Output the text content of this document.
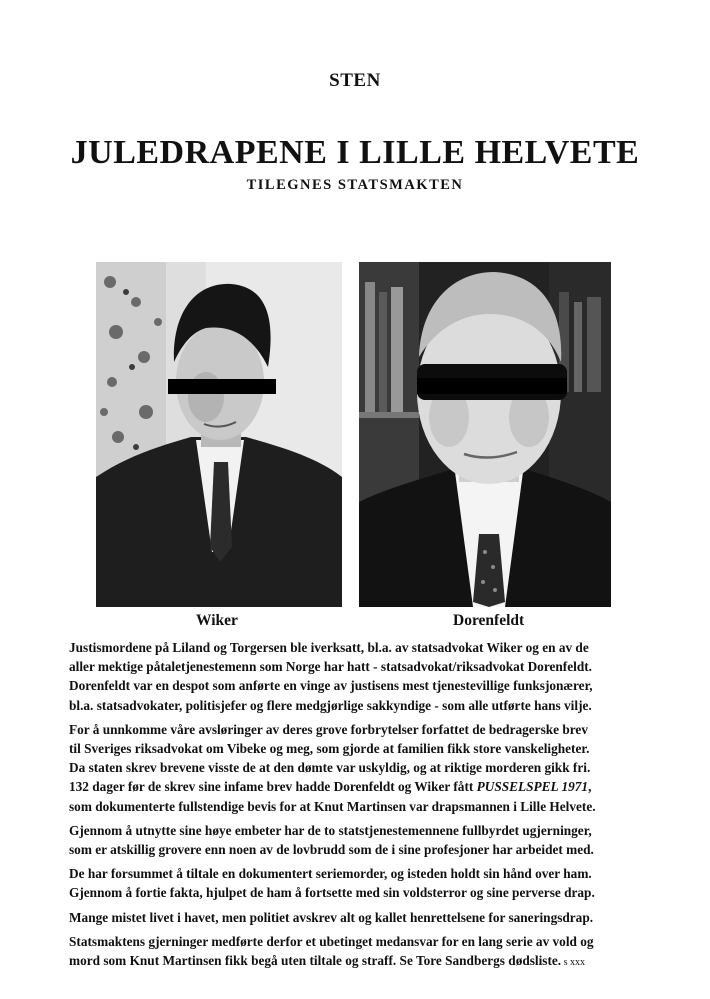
STEN
JULEDRAPENE I LILLE HELVETE
TILEGNES STATSMAKTEN
Wiker	Dorenfeldt

Justismordene på Liland og Torgersen ble iverksatt, bl.a. av statsadvokat Wiker og en av de
aller mektige påtaletjenestemenn som Norge har hatt - statsadvokat/riksadvokat Dorenfeldt.
Dorenfeldt var en despot som anførte en vinge av justisens mest tjenestevillige funksjonærer,
bl.a. statsadvokater, politisjefer og flere medgjørlige sakkyndige - som alle utførte hans vilje.

For å unnkomme våre avsløringer av deres grove forbrytelser forfattet de bedragerske brev
til Sveriges riksadvokat om Vibeke og meg, som gjorde at familien fikk store vanskeligheter.
Da staten skrev brevene visste de at den dømte var uskyldig, og at riktige morderen gikk fri.
132 dager før de skrev sine infame brev hadde Dorenfeldt og Wiker fått PUSSELSPEL 1971,
som dokumenterte fullstendige bevis for at Knut Martinsen var drapsmannen i Lille Helvete.

Gjennom å utnytte sine høye embeter har de to statstjenestemennene fullbyrdet ugjerninger,
som er atskillig grovere enn noen av de lovbrudd som de i sine profesjoner har arbeidet med.

De har forsummet å tiltale en dokumentert seriemorder, og isteden holdt sin hånd over ham.
Gjennom å fortie fakta, hjulpet de ham å fortsette med sin voldsterror og sine perverse drap.

Mange mistet livet i havet, men politiet avskrev alt og kallet henrettelsene for saneringsdrap.

Statsmaktens gjerninger medførte derfor et ubetinget medansvar for en lang serie av vold og
mord som Knut Martinsen fikk begå uten tiltale og straff. Se Tore Sandbergs dødsliste. s xxx
